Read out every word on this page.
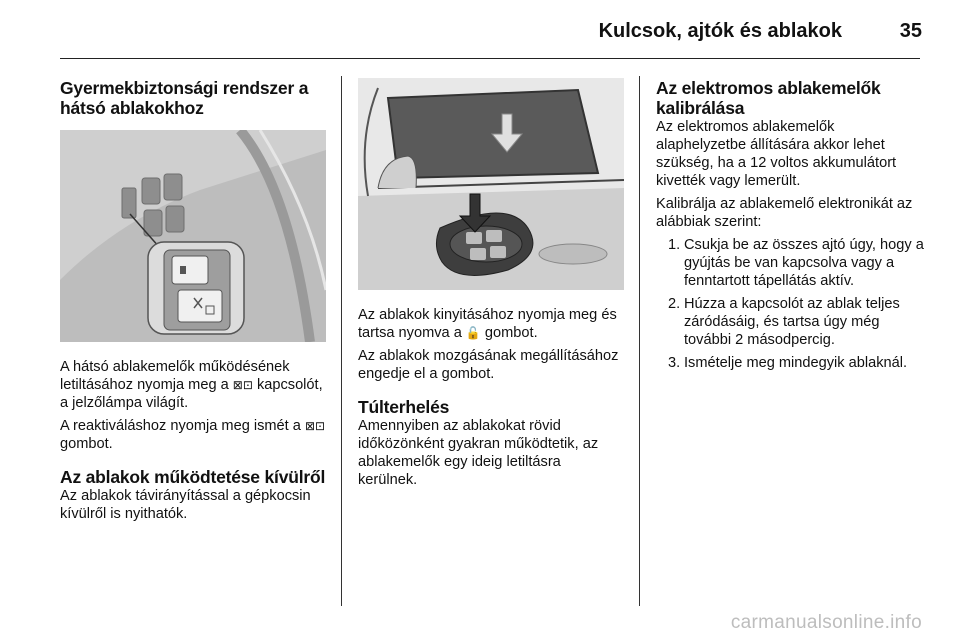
Kulcsok, ajtók és ablakok	35
Gyermekbiztonsági rendszer a hátsó ablakokhoz

A hátsó ablakemelők működésének letiltásához nyomja meg a ⊠⊡ kapcsolót, a jelzőlámpa világít.

A reaktiváláshoz nyomja meg ismét a ⊠⊡ gombot.

Az ablakok működtetése kívülről

Az ablakok távirányítással a gépkocsin kívülről is nyithatók.

Az ablakok kinyitásához nyomja meg és tartsa nyomva a 🔓 gombot.

Az ablakok mozgásának megállításához engedje el a gombot.

Túlterhelés

Amennyiben az ablakokat rövid időközönként gyakran működtetik, az ablakemelők egy ideig letiltásra kerülnek.

Az elektromos ablakemelők kalibrálása

Az elektromos ablakemelők alaphelyzetbe állítására akkor lehet szükség, ha a 12 voltos akkumulátort kivették vagy lemerült.

Kalibrálja az ablakemelő elektronikát az alábbiak szerint:

1. Csukja be az összes ajtó úgy, hogy a gyújtás be van kapcsolva vagy a fenntartott tápellátás aktív.
2. Húzza a kapcsolót az ablak teljes záródásáig, és tartsa úgy még további 2 másodpercig.
3. Ismételje meg mindegyik ablaknál.
carmanualsonline.info
